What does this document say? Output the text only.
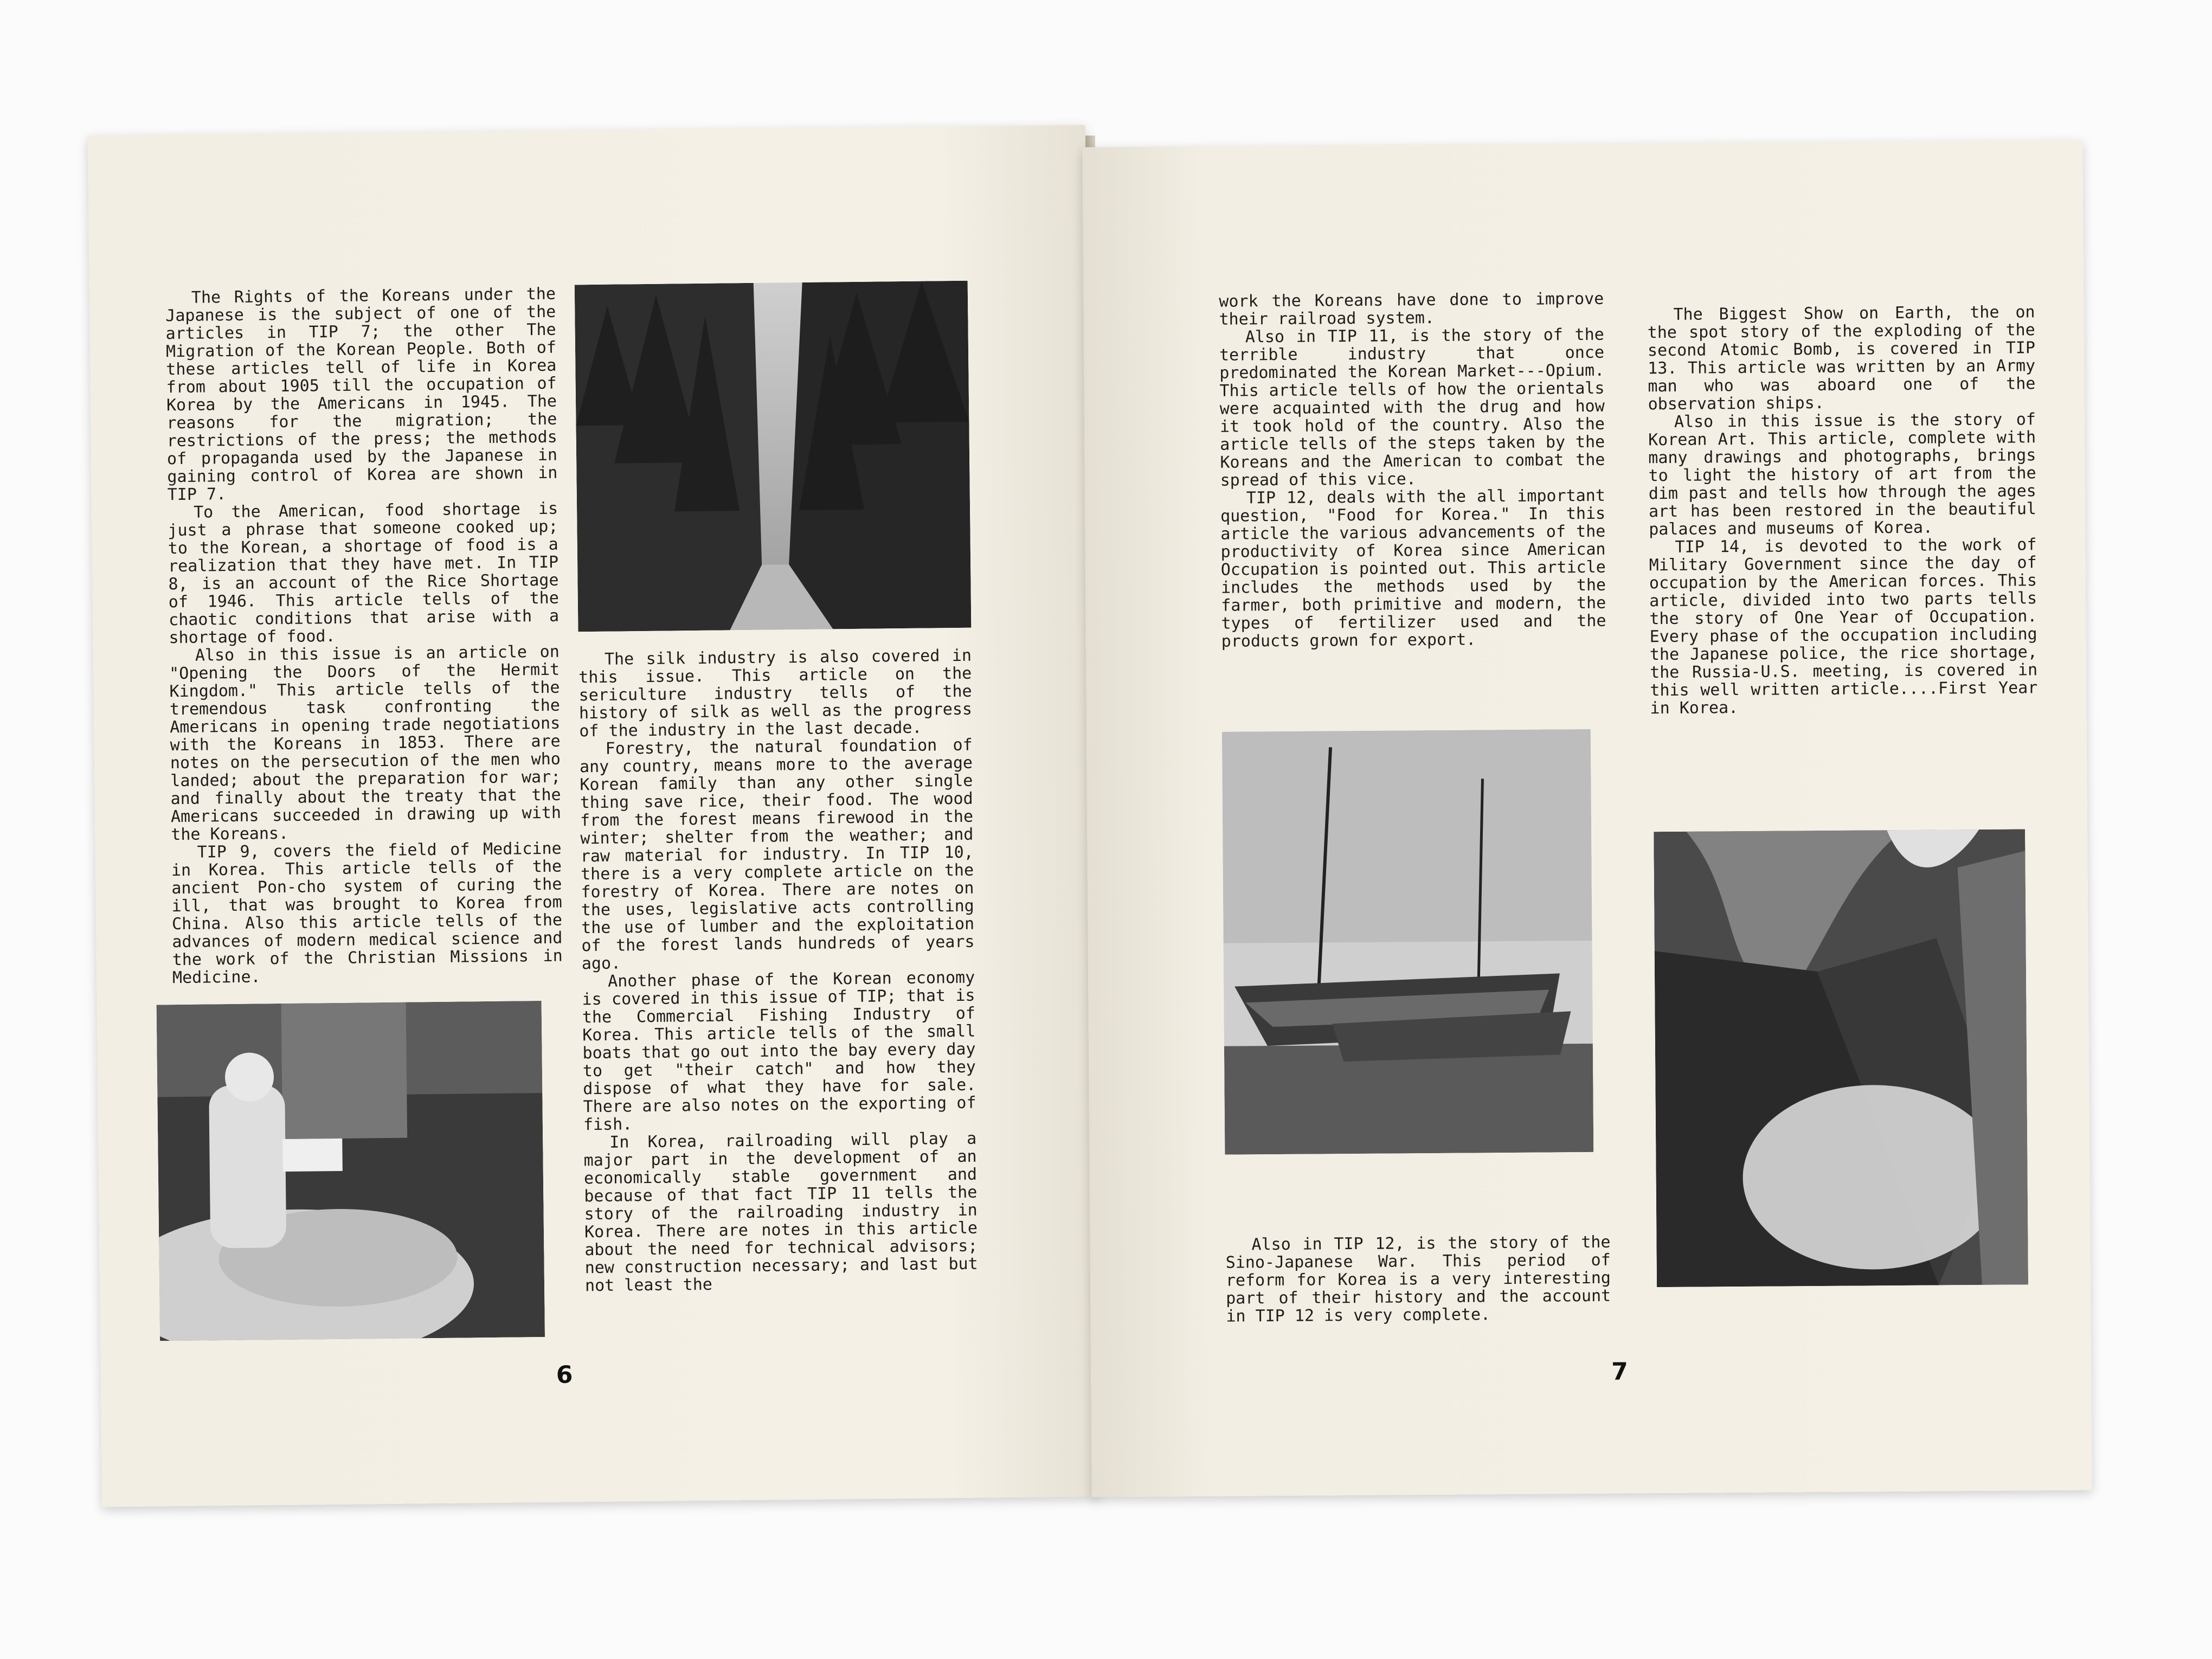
The Rights of the Koreans under the Japanese is the subject of one of the articles in TIP 7; the other The Migration of the Korean People. Both of these articles tell of life in Korea from about 1905 till the occupation of Korea by the Americans in 1945. The reasons for the migration; the restrictions of the press; the methods of propaganda used by the Japanese in gaining control of Korea are shown in TIP 7.

To the American, food shortage is just a phrase that someone cooked up; to the Korean, a shortage of food is a realization that they have met. In TIP 8, is an account of the Rice Shortage of 1946. This article tells of the chaotic conditions that arise with a shortage of food.

Also in this issue is an article on "Opening the Doors of the Hermit Kingdom." This article tells of the tremendous task confronting the Americans in opening trade negotiations with the Koreans in 1853. There are notes on the persecution of the men who landed; about the preparation for war; and finally about the treaty that the Americans succeeded in drawing up with the Koreans.

TIP 9, covers the field of Medicine in Korea. This article tells of the ancient Pon-cho system of curing the ill, that was brought to Korea from China. Also this article tells of the advances of modern medical science and the work of the Christian Missions in Medicine.

The silk industry is also covered in this issue. This article on the sericulture industry tells of the history of silk as well as the progress of the industry in the last decade.

Forestry, the natural foundation of any country, means more to the average Korean family than any other single thing save rice, their food. The wood from the forest means firewood in the winter; shelter from the weather; and raw material for industry. In TIP 10, there is a very complete article on the forestry of Korea. There are notes on the uses, legislative acts controlling the use of lumber and the exploitation of the forest lands hundreds of years ago.

Another phase of the Korean economy is covered in this issue of TIP; that is the Commercial Fishing Industry of Korea. This article tells of the small boats that go out into the bay every day to get "their catch" and how they dispose of what they have for sale. There are also notes on the exporting of fish.

In Korea, railroading will play a major part in the development of an economically stable government and because of that fact TIP 11 tells the story of the railroading industry in Korea. There are notes in this article about the need for technical advisors; new construction necessary; and last but not least the

6

work the Koreans have done to improve their railroad system.

Also in TIP 11, is the story of the terrible industry that once predominated the Korean Market---Opium. This article tells of how the orientals were acquainted with the drug and how it took hold of the country. Also the article tells of the steps taken by the Koreans and the American to combat the spread of this vice.

TIP 12, deals with the all important question, "Food for Korea." In this article the various advancements of the productivity of Korea since American Occupation is pointed out. This article includes the methods used by the farmer, both primitive and modern, the types of fertilizer used and the products grown for export.

The Biggest Show on Earth, the on the spot story of the exploding of the second Atomic Bomb, is covered in TIP 13. This article was written by an Army man who was aboard one of the observation ships.

Also in this issue is the story of Korean Art. This article, complete with many drawings and photographs, brings to light the history of art from the dim past and tells how through the ages art has been restored in the beautiful palaces and museums of Korea.

TIP 14, is devoted to the work of Military Government since the day of occupation by the American forces. This article, divided into two parts tells the story of One Year of Occupation. Every phase of the occupation including the Japanese police, the rice shortage, the Russia-U.S. meeting, is covered in this well written article....First Year in Korea.

Also in TIP 12, is the story of the Sino-Japanese War. This period of reform for Korea is a very interesting part of their history and the account in TIP 12 is very complete.

7
